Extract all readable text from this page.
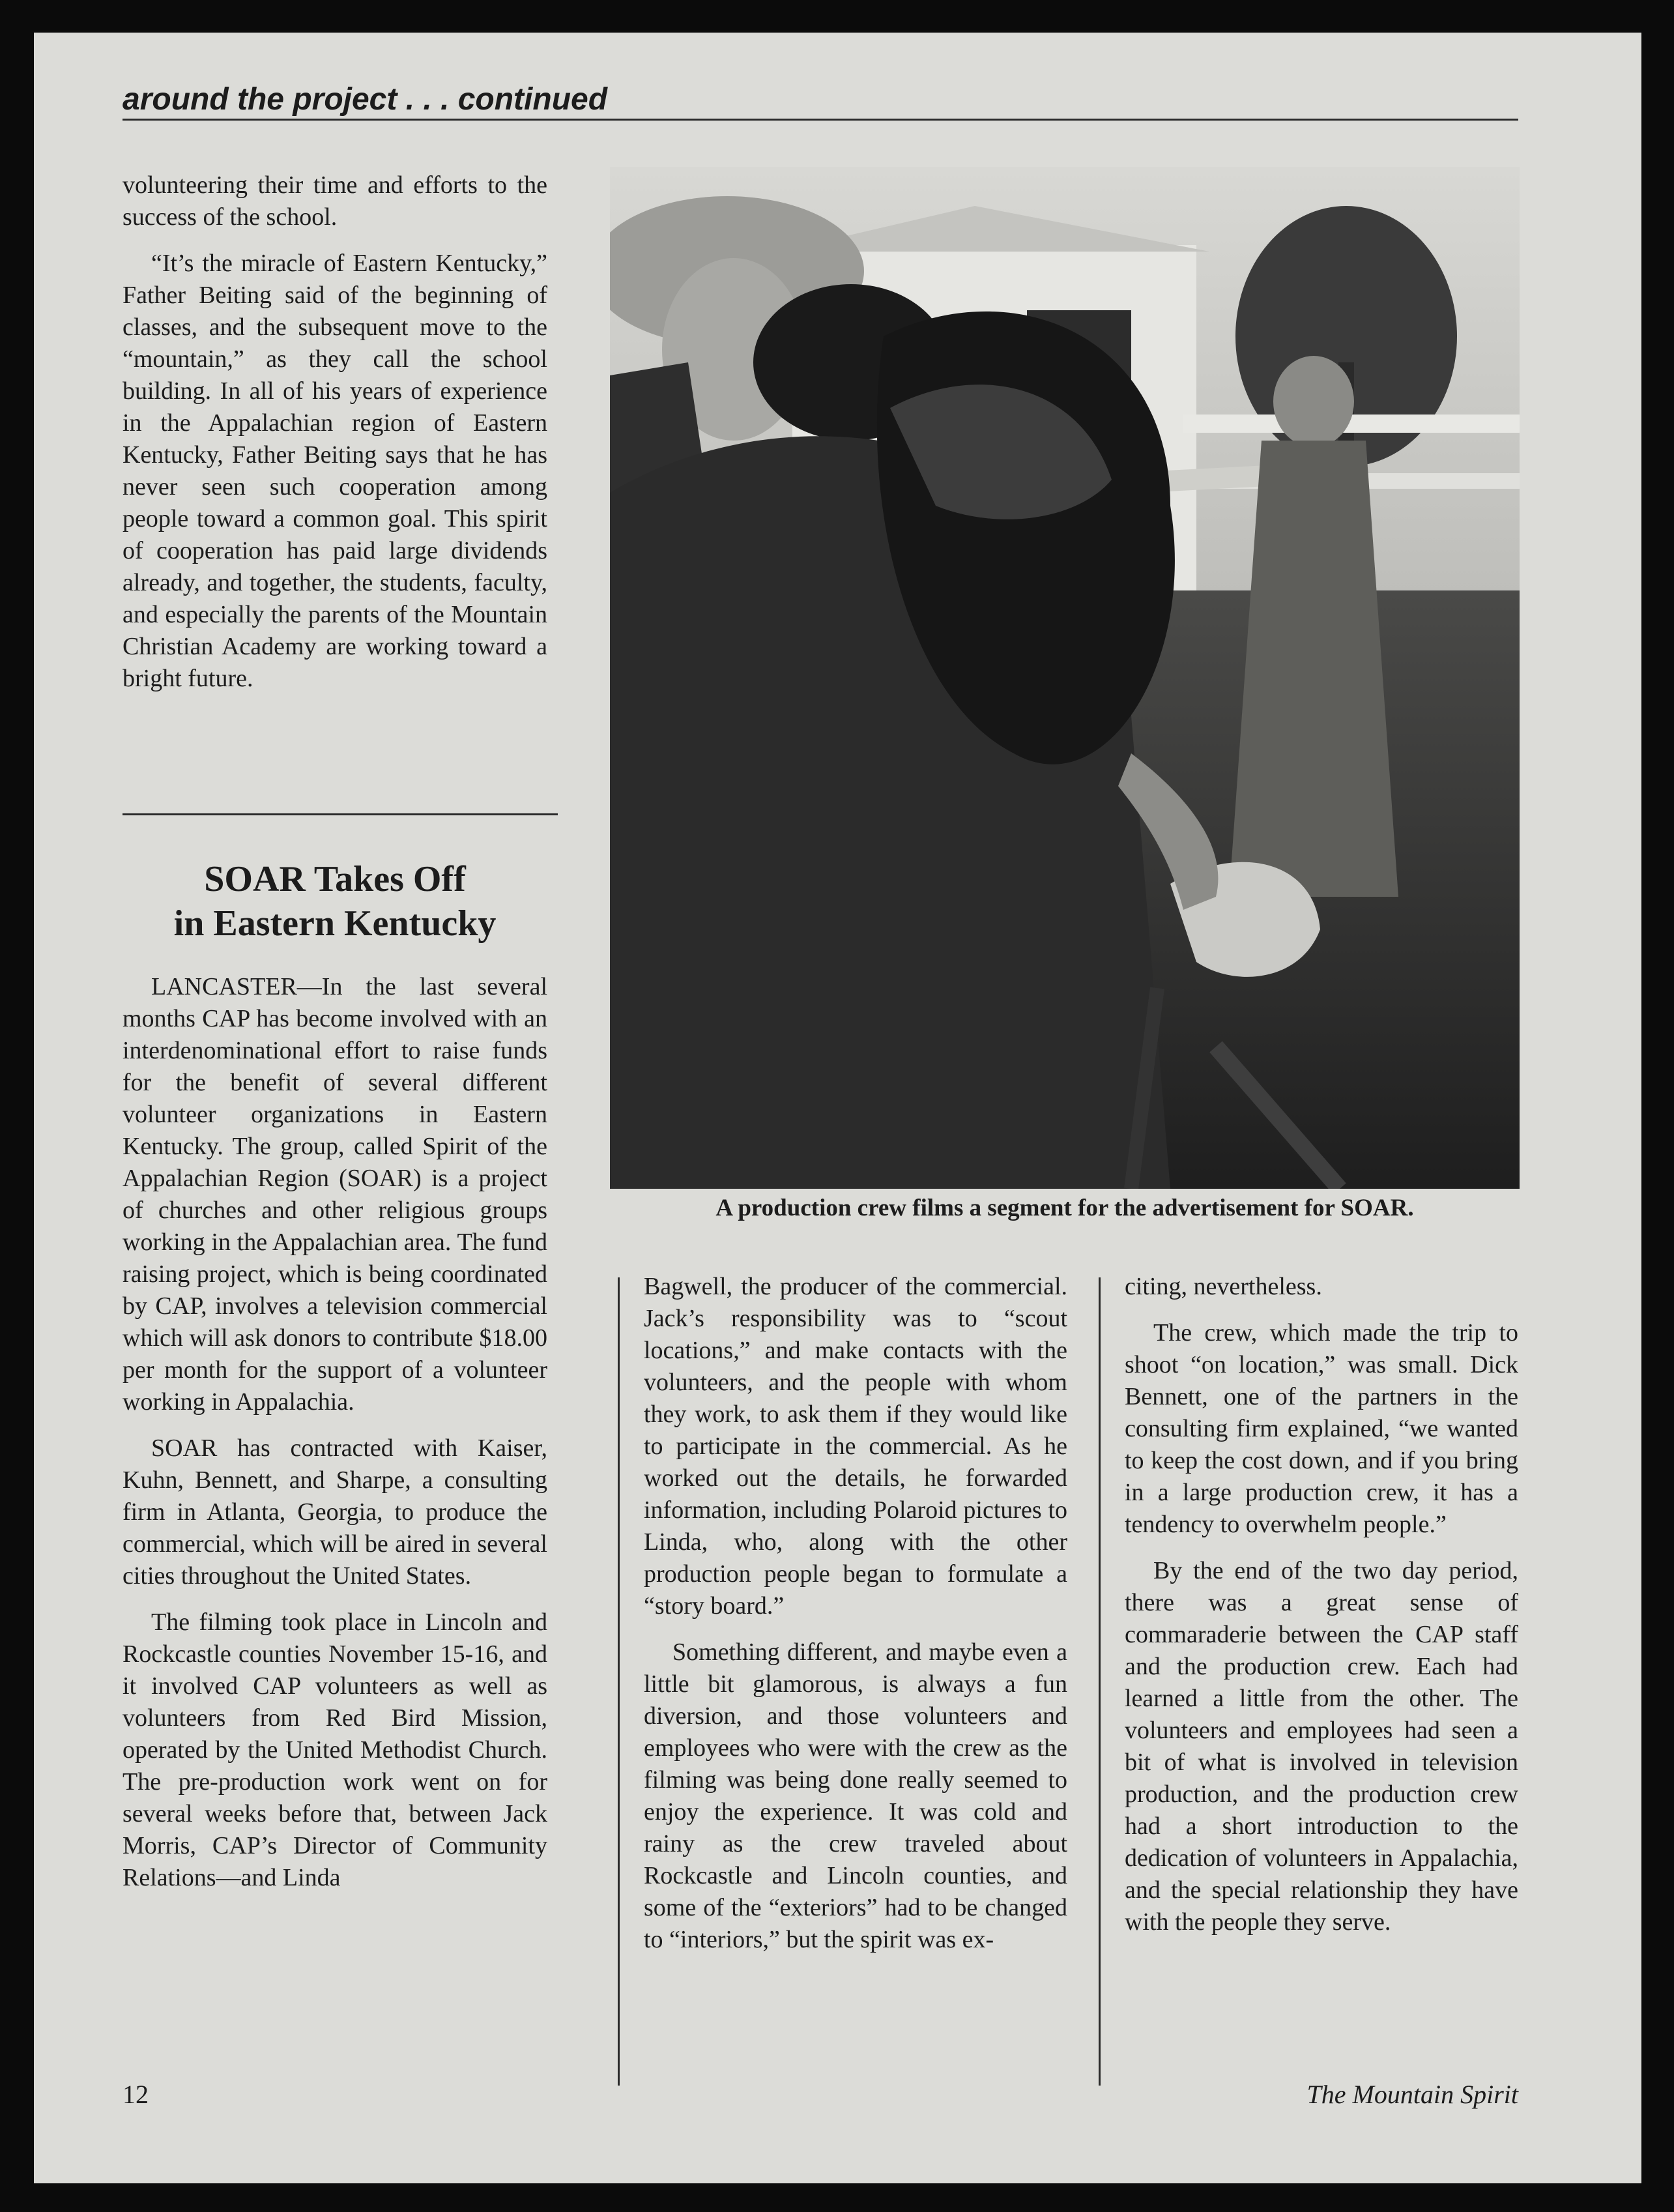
around the project . . . continued

volunteering their time and efforts to the success of the school.

“It’s the miracle of Eastern Kentucky,” Father Beiting said of the beginning of classes, and the subsequent move to the “mountain,” as they call the school building. In all of his years of experience in the Appalachian region of Eastern Kentucky, Father Beiting says that he has never seen such cooperation among people toward a common goal. This spirit of cooperation has paid large dividends already, and together, the students, faculty, and especially the parents of the Mountain Christian Academy are working toward a bright future.

SOAR Takes Off
in Eastern Kentucky

LANCASTER—In the last several months CAP has become involved with an interdenominational effort to raise funds for the benefit of several different volunteer organizations in Eastern Kentucky. The group, called Spirit of the Appalachian Region (SOAR) is a project of churches and other religious groups working in the Appalachian area. The fund raising project, which is being coordinated by CAP, involves a television commercial which will ask donors to contribute $18.00 per month for the support of a volunteer working in Appalachia.

SOAR has contracted with Kaiser, Kuhn, Bennett, and Sharpe, a consulting firm in Atlanta, Georgia, to produce the commercial, which will be aired in several cities throughout the United States.

The filming took place in Lincoln and Rockcastle counties November 15-16, and it involved CAP volunteers as well as volunteers from Red Bird Mission, operated by the United Methodist Church. The pre-production work went on for several weeks before that, between Jack Morris, CAP’s Director of Community Relations—and Linda

A production crew films a segment for the advertisement for SOAR.

Bagwell, the producer of the commercial. Jack’s responsibility was to “scout locations,” and make contacts with the volunteers, and the people with whom they work, to ask them if they would like to participate in the commercial. As he worked out the details, he forwarded information, including Polaroid pictures to Linda, who, along with the other production people began to formulate a “story board.”

Something different, and maybe even a little bit glamorous, is always a fun diversion, and those volunteers and employees who were with the crew as the filming was being done really seemed to enjoy the experience. It was cold and rainy as the crew traveled about Rockcastle and Lincoln counties, and some of the “exteriors” had to be changed to “interiors,” but the spirit was ex-

citing, nevertheless.

The crew, which made the trip to shoot “on location,” was small. Dick Bennett, one of the partners in the consulting firm explained, “we wanted to keep the cost down, and if you bring in a large production crew, it has a tendency to overwhelm people.”

By the end of the two day period, there was a great sense of commaraderie between the CAP staff and the production crew. Each had learned a little from the other. The volunteers and employees had seen a bit of what is involved in television production, and the production crew had a short introduction to the dedication of volunteers in Appalachia, and the special relationship they have with the people they serve.

12	The Mountain Spirit
